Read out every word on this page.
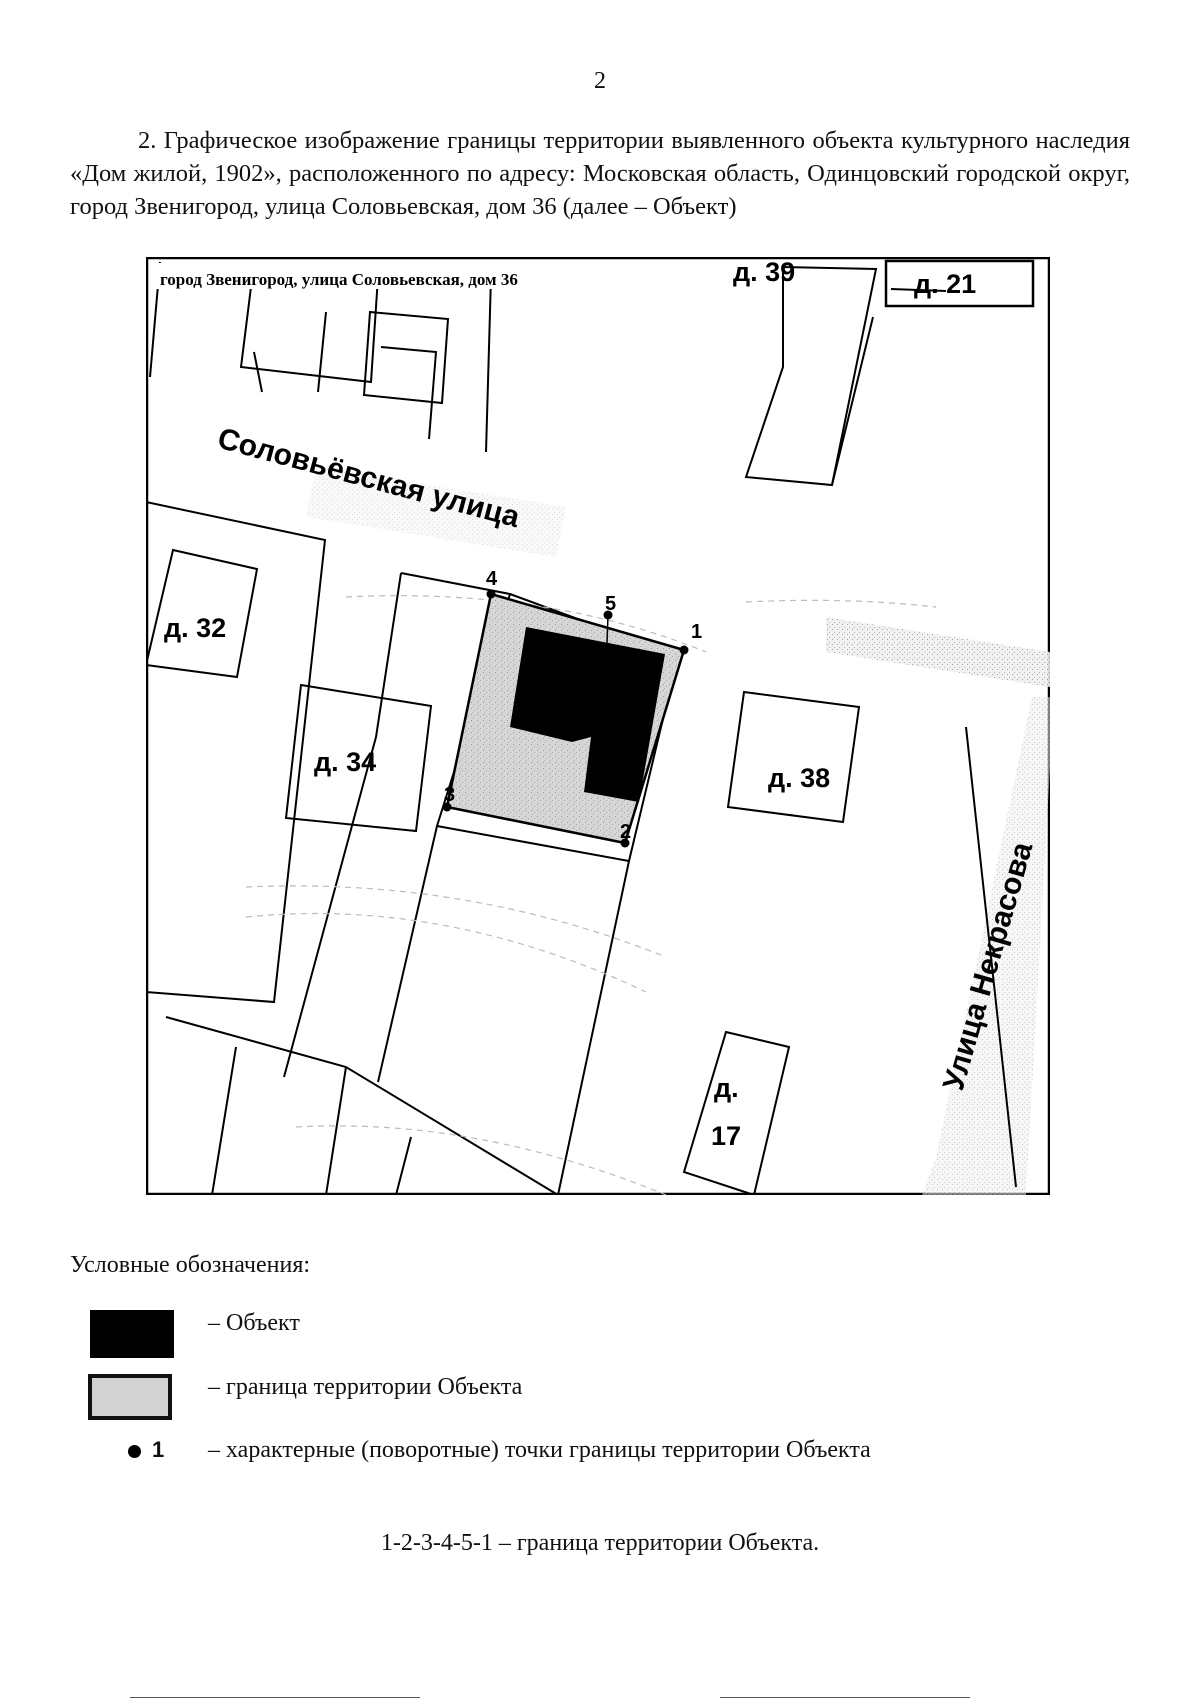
2
2. Графическое изображение границы территории выявленного объекта культурного наследия «Дом жилой, 1902», расположенного по адресу: Московская область, Одинцовский городской округ, город Звенигород, улица Соловьевская, дом 36 (далее – Объект)
1
2
3
4
5
город Звенигород, улица Соловьевская, дом 36	д. 39	д. 21
д. 32
д. 34
д. 38
д.
17
Соловьёвская улица
Улица Некрасова
Условные обозначения:
– Объект
– граница территории Объекта
1 – характерные (поворотные) точки границы территории Объекта
1-2-3-4-5-1 – граница территории Объекта.
